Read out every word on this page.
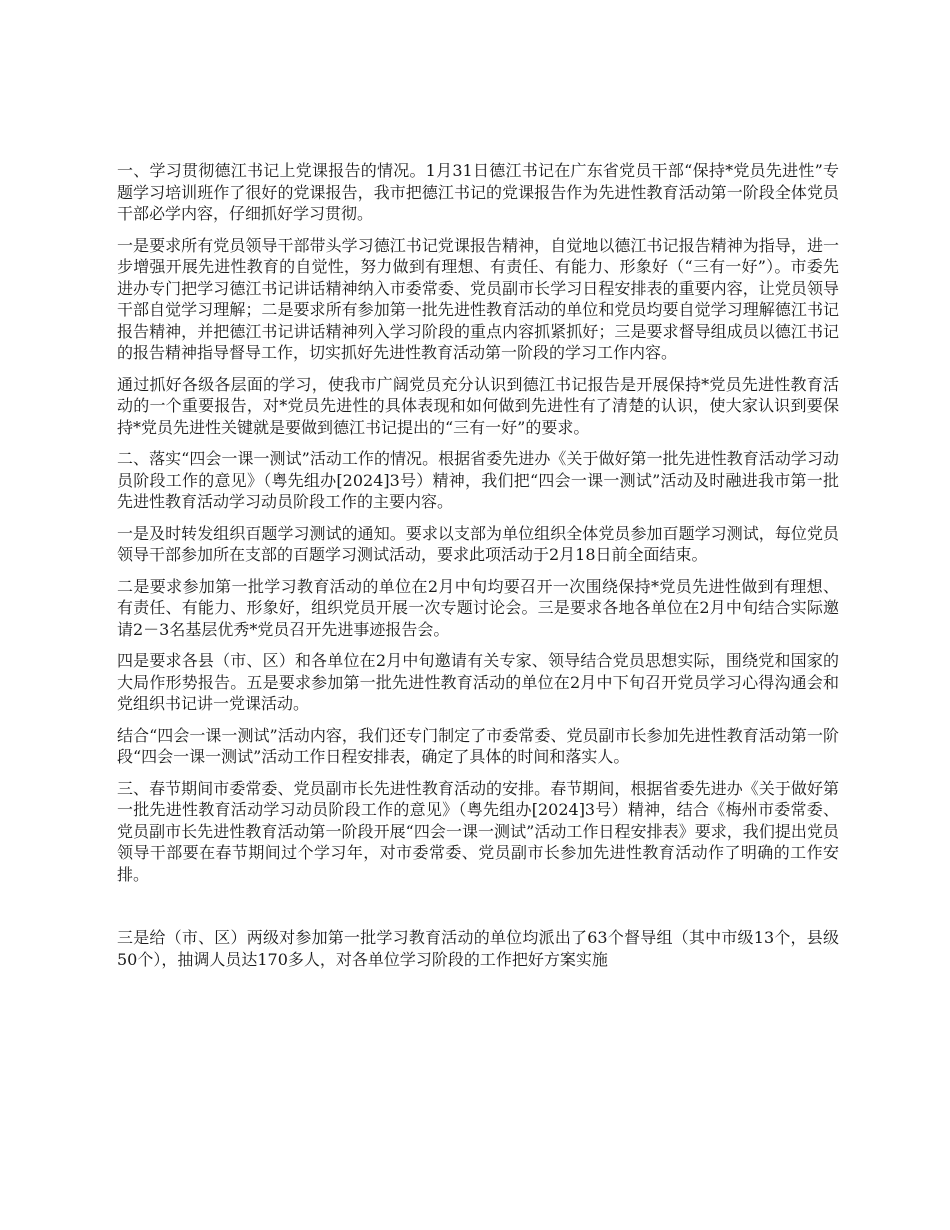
一、学习贯彻德江书记上党课报告的情况。1月31日德江书记在广东省党员干部“保持*党员先进性”专题学习培训班作了很好的党课报告，我市把德江书记的党课报告作为先进性教育活动第一阶段全体党员干部必学内容，仔细抓好学习贯彻。

一是要求所有党员领导干部带头学习德江书记党课报告精神，自觉地以德江书记报告精神为指导，进一步增强开展先进性教育的自觉性，努力做到有理想、有责任、有能力、形象好（“三有一好”）。市委先进办专门把学习德江书记讲话精神纳入市委常委、党员副市长学习日程安排表的重要内容，让党员领导干部自觉学习理解；二是要求所有参加第一批先进性教育活动的单位和党员均要自觉学习理解德江书记报告精神，并把德江书记讲话精神列入学习阶段的重点内容抓紧抓好；三是要求督导组成员以德江书记的报告精神指导督导工作，切实抓好先进性教育活动第一阶段的学习工作内容。

通过抓好各级各层面的学习，使我市广阔党员充分认识到德江书记报告是开展保持*党员先进性教育活动的一个重要报告，对*党员先进性的具体表现和如何做到先进性有了清楚的认识，使大家认识到要保持*党员先进性关键就是要做到德江书记提出的“三有一好”的要求。

二、落实“四会一课一测试”活动工作的情况。根据省委先进办《关于做好第一批先进性教育活动学习动员阶段工作的意见》（粤先组办[2024]3号）精神，我们把“四会一课一测试”活动及时融进我市第一批先进性教育活动学习动员阶段工作的主要内容。

一是及时转发组织百题学习测试的通知。要求以支部为单位组织全体党员参加百题学习测试，每位党员领导干部参加所在支部的百题学习测试活动，要求此项活动于2月18日前全面结束。

二是要求参加第一批学习教育活动的单位在2月中旬均要召开一次围绕保持*党员先进性做到有理想、有责任、有能力、形象好，组织党员开展一次专题讨论会。三是要求各地各单位在2月中旬结合实际邀请2－3名基层优秀*党员召开先进事迹报告会。

四是要求各县（市、区）和各单位在2月中旬邀请有关专家、领导结合党员思想实际，围绕党和国家的大局作形势报告。五是要求参加第一批先进性教育活动的单位在2月中下旬召开党员学习心得沟通会和党组织书记讲一党课活动。

结合“四会一课一测试”活动内容，我们还专门制定了市委常委、党员副市长参加先进性教育活动第一阶段“四会一课一测试”活动工作日程安排表，确定了具体的时间和落实人。

三、春节期间市委常委、党员副市长先进性教育活动的安排。春节期间，根据省委先进办《关于做好第一批先进性教育活动学习动员阶段工作的意见》（粤先组办[2024]3号）精神，结合《梅州市委常委、党员副市长先进性教育活动第一阶段开展“四会一课一测试”活动工作日程安排表》要求，我们提出党员领导干部要在春节期间过个学习年，对市委常委、党员副市长参加先进性教育活动作了明确的工作安排。

三是给（市、区）两级对参加第一批学习教育活动的单位均派出了63个督导组（其中市级13个，县级50个），抽调人员达170多人，对各单位学习阶段的工作把好方案实施
